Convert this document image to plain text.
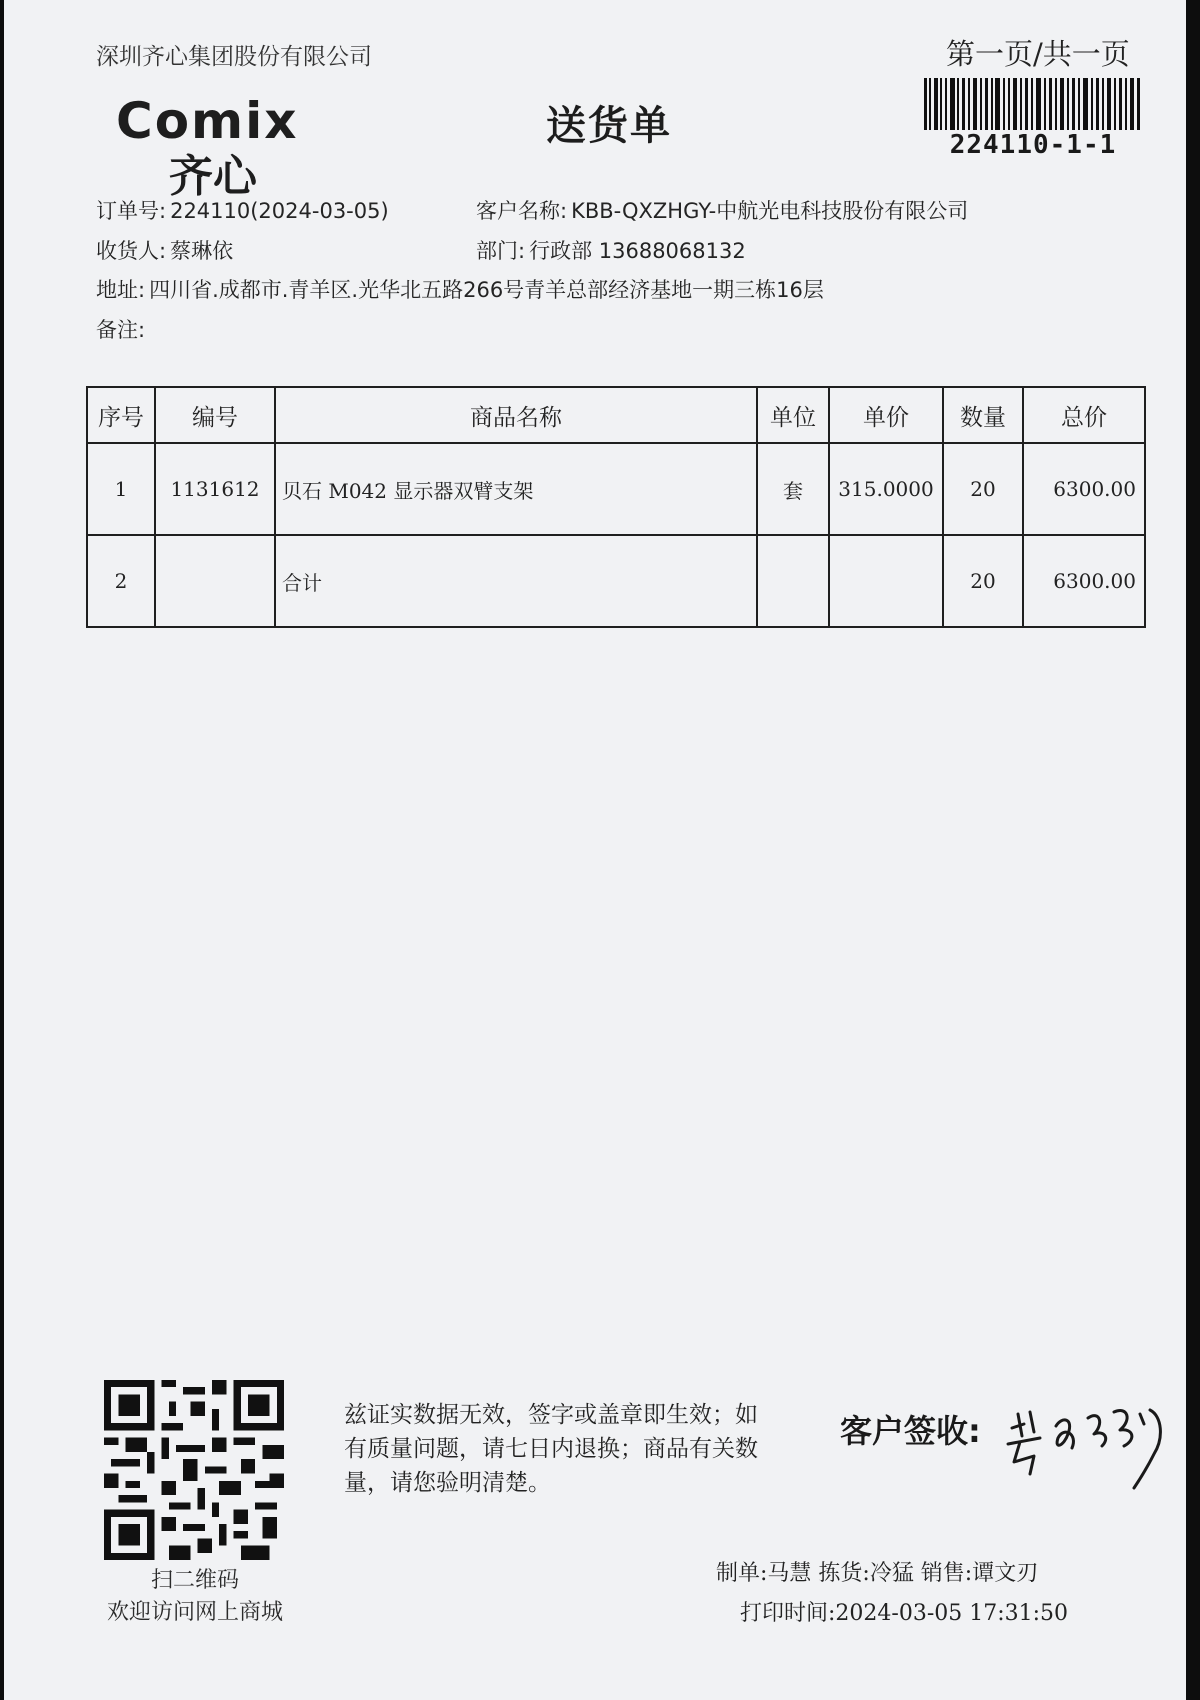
深圳齐心集团股份有限公司	第一页/共一页
Comix
齐心
送货单	224110-1-1
订单号: 224110(2024-03-05)	客户名称: KBB-QXZHGY-中航光电科技股份有限公司
收货人: 蔡琳依	部门: 行政部 13688068132
地址: 四川省.成都市.青羊区.光华北五路266号青羊总部经济基地一期三栋16层
备注:
序号	编号	商品名称	单位	单价	数量	总价
1	1131612	贝石 M042 显示器双臂支架	套	315.0000	20	6300.00
2		合计			20	6300.00
扫二维码
欢迎访问网上商城
兹证实数据无效，签字或盖章即生效；如有质量问题，请七日内退换；商品有关数量，请您验明清楚。
客户签收:
制单:马慧 拣货:冷猛 销售:谭文刃
打印时间:2024-03-05 17:31:50
